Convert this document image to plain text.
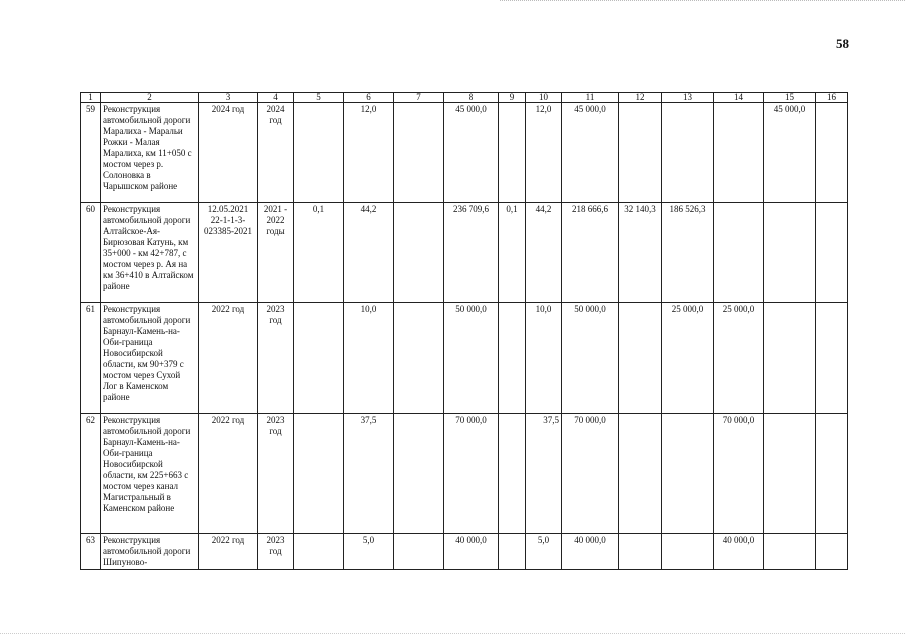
58
1	2	3	4	5	6	7	8	9	10	11	12	13	14	15	16
59	Реконструкция автомобильной дороги Маралиха - Маральи Рожки - Малая Маралиха, км 11+050 с мостом через р. Солоновка в Чарышском районе	2024 год	2024 год		12,0		45 000,0		12,0	45 000,0				45 000,0	
60	Реконструкция автомобильной дороги Алтайское-Ая-Бирюзовая Катунь, км 35+000 - км 42+787, с мостом через р. Ая на км 36+410 в Алтайском районе	12.05.2021 22-1-1-3-023385-2021	2021 - 2022 годы	0,1	44,2		236 709,6	0,1	44,2	218 666,6	32 140,3	186 526,3			
61	Реконструкция автомобильной дороги Барнаул-Камень-на-Оби-граница Новосибирской области, км 90+379 с мостом через Сухой Лог в Каменском районе	2022 год	2023 год		10,0		50 000,0		10,0	50 000,0		25 000,0	25 000,0		
62	Реконструкция автомобильной дороги Барнаул-Камень-на-Оби-граница Новосибирской области, км 225+663 с мостом через канал Магистральный в Каменском районе	2022 год	2023 год		37,5		70 000,0		37,5	70 000,0			70 000,0		
63	Реконструкция автомобильной дороги Шипуново-	2022 год	2023 год		5,0		40 000,0		5,0	40 000,0			40 000,0		
